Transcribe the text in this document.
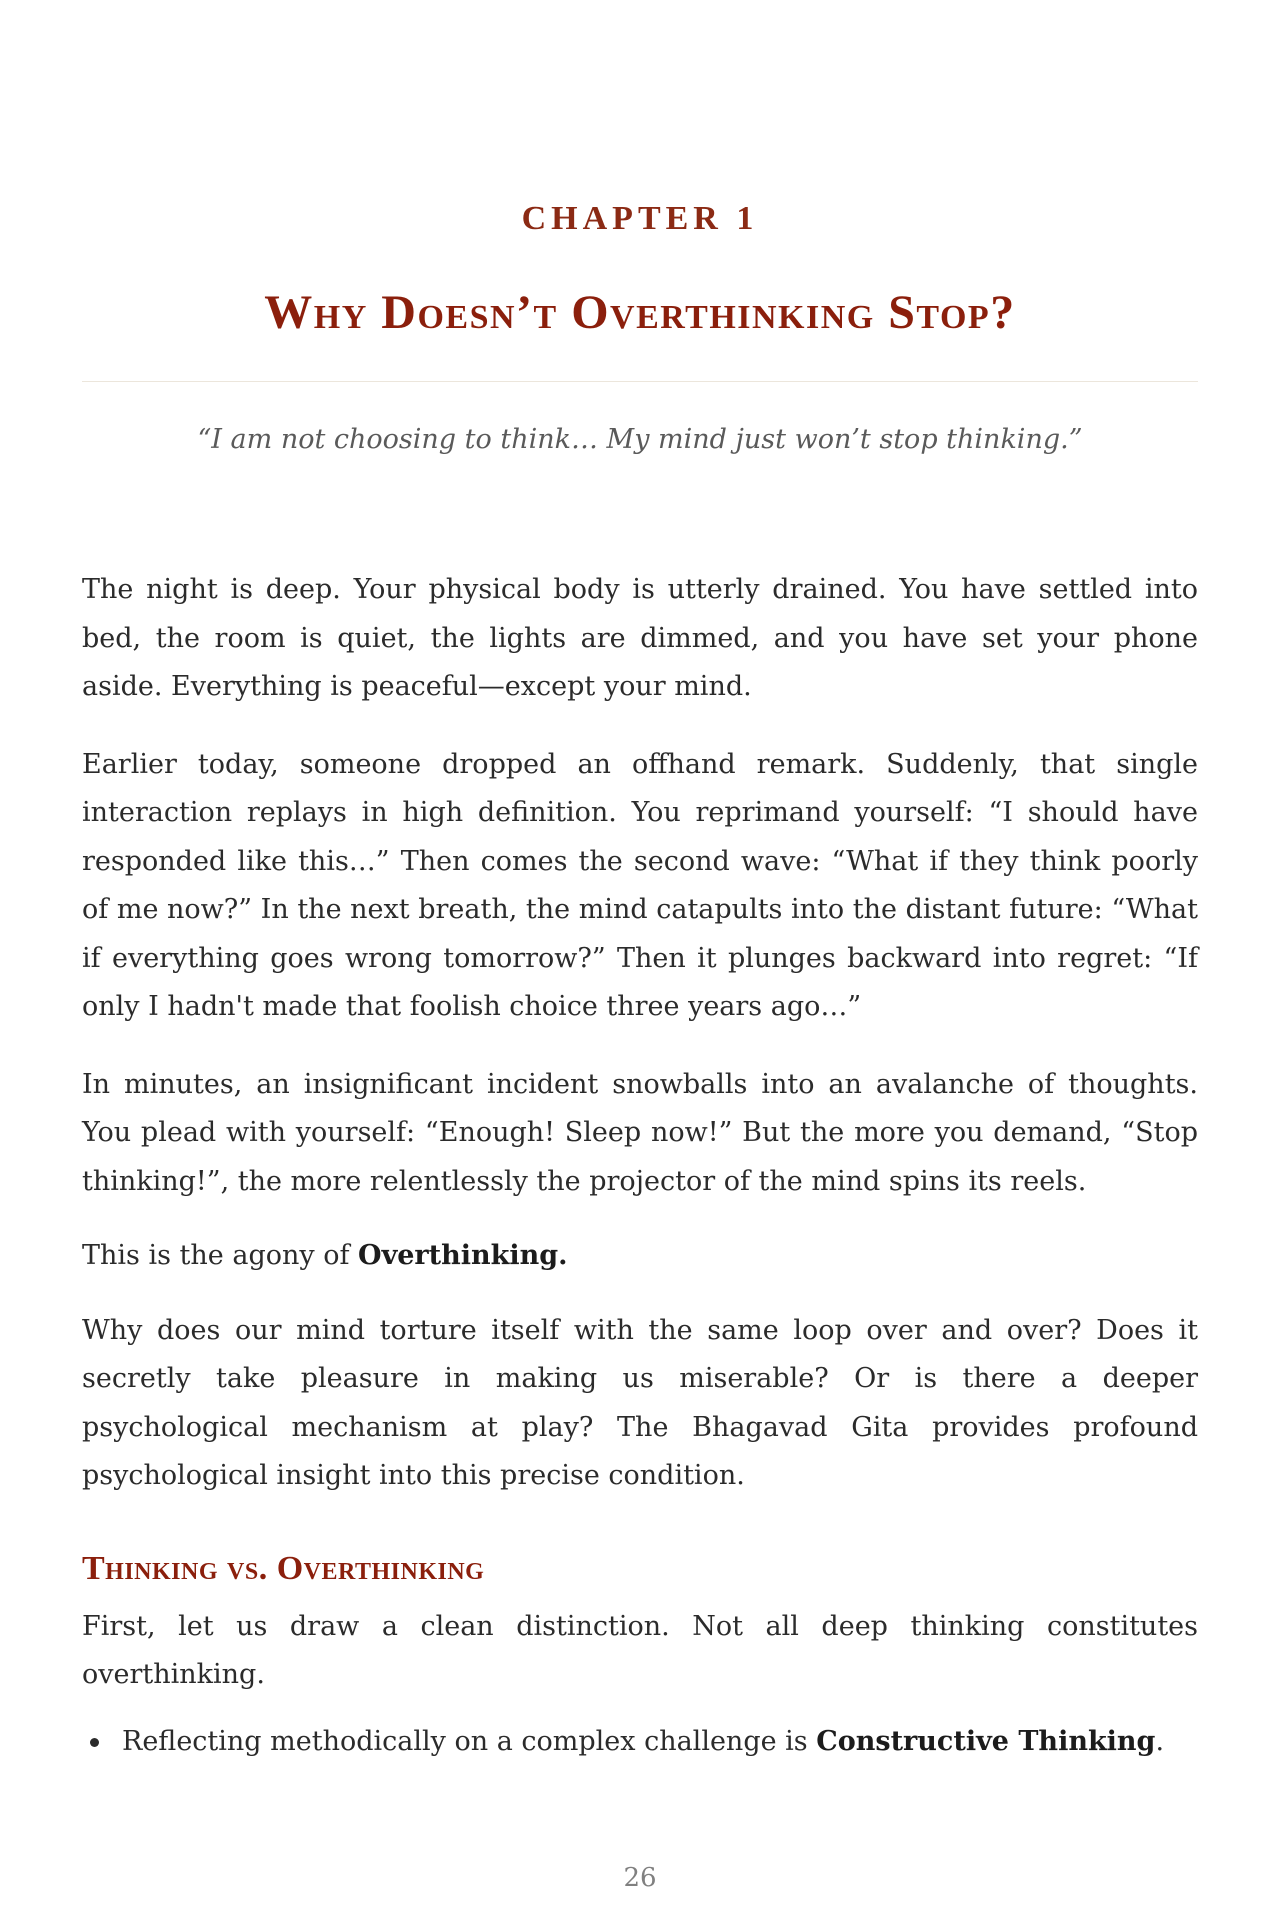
CHAPTER 1
Why Doesn’t Overthinking Stop?
“I am not choosing to think… My mind just won’t stop thinking.”

The night is deep. Your physical body is utterly drained. You have settled into bed, the room is quiet, the lights are dimmed, and you have set your phone aside. Everything is peaceful—except your mind.

Earlier today, someone dropped an offhand remark. Suddenly, that single interaction replays in high definition. You reprimand yourself: “I should have responded like this…” Then comes the second wave: “What if they think poorly of me now?” In the next breath, the mind catapults into the distant future: “What if everything goes wrong tomorrow?” Then it plunges backward into regret: “If only I hadn't made that foolish choice three years ago…”

In minutes, an insignificant incident snowballs into an avalanche of thoughts. You plead with yourself: “Enough! Sleep now!” But the more you demand, “Stop thinking!”, the more relentlessly the projector of the mind spins its reels.

This is the agony of Overthinking.

Why does our mind torture itself with the same loop over and over? Does it secretly take pleasure in making us miserable? Or is there a deeper psychological mechanism at play? The Bhagavad Gita provides profound psychological insight into this precise condition.

Thinking vs. Overthinking

First, let us draw a clean distinction. Not all deep thinking constitutes overthinking.

Reflecting methodically on a complex challenge is Constructive Thinking.
26
